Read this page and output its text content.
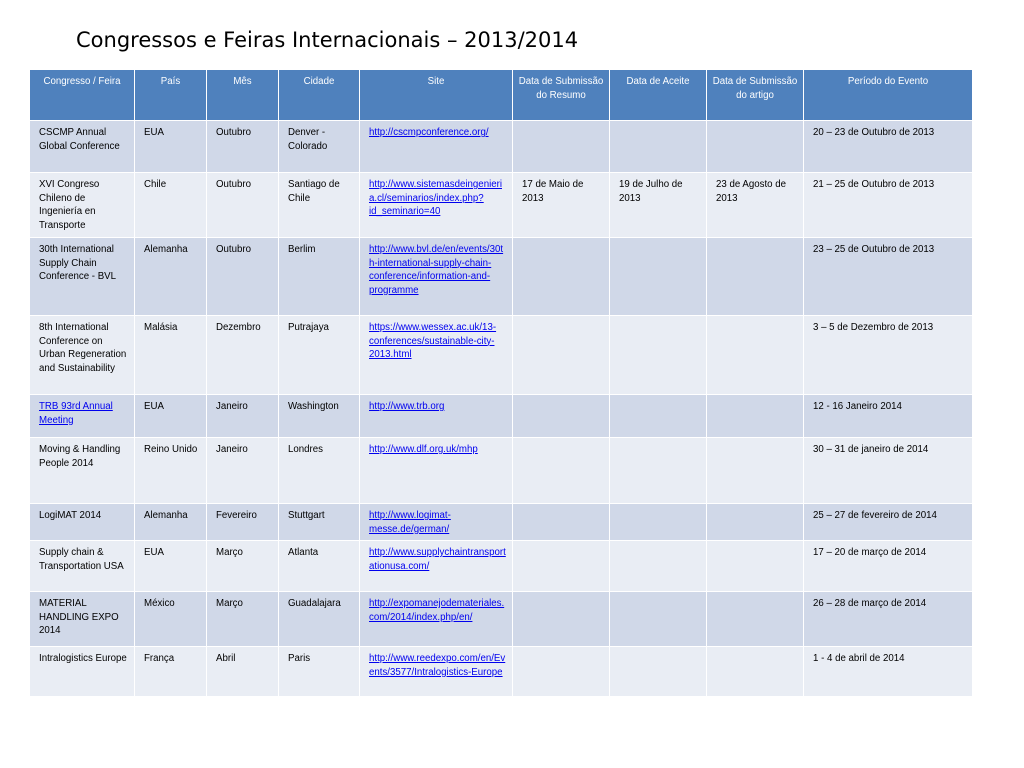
Congressos e Feiras Internacionais – 2013/2014
Congresso / Feira	País	Mês	Cidade	Site	Data de Submissão do Resumo	Data de Aceite	Data de Submissão do artigo	Período do Evento
CSCMP Annual Global Conference	EUA	Outubro	Denver - Colorado	http://cscmpconference.org/				20 – 23 de Outubro de 2013
XVI Congreso Chileno de Ingeniería en Transporte	Chile	Outubro	Santiago de Chile	http://www.sistemasdeingenieria.cl/seminarios/index.php?id_seminario=40	17 de Maio de 2013	19 de Julho de 2013	23 de Agosto de 2013	21 – 25 de Outubro de 2013
30th International Supply Chain Conference - BVL	Alemanha	Outubro	Berlim	http://www.bvl.de/en/events/30th-international-supply-chain-conference/information-and-programme				23 – 25 de Outubro de 2013
8th International Conference on Urban Regeneration and Sustainability	Malásia	Dezembro	Putrajaya	https://www.wessex.ac.uk/13-conferences/sustainable-city-2013.html				3 – 5 de Dezembro de 2013
TRB 93rd Annual Meeting	EUA	Janeiro	Washington	http://www.trb.org				12 - 16 Janeiro 2014
Moving & Handling People 2014	Reino Unido	Janeiro	Londres	http://www.dlf.org.uk/mhp				30 – 31 de janeiro de 2014
LogiMAT 2014	Alemanha	Fevereiro	Stuttgart	http://www.logimat-messe.de/german/				25 – 27 de fevereiro de 2014
Supply chain & Transportation USA	EUA	Março	Atlanta	http://www.supplychaintransportationusa.com/				17 – 20 de março de 2014
MATERIAL HANDLING EXPO 2014	México	Março	Guadalajara	http://expomanejodemateriales.com/2014/index.php/en/				26 – 28 de março de 2014
Intralogistics Europe	França	Abril	Paris	http://www.reedexpo.com/en/Events/3577/Intralogistics-Europe				1 - 4 de abril de 2014
